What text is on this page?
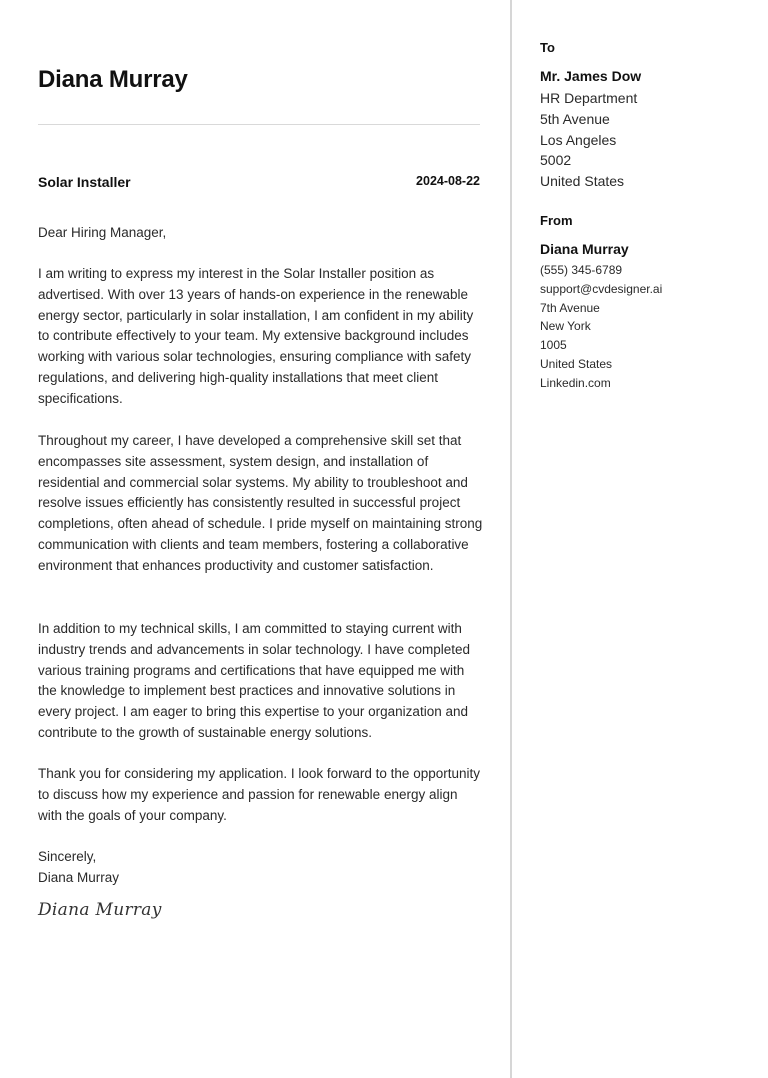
Diana Murray
Solar Installer	2024-08-22

Dear Hiring Manager,

I am writing to express my interest in the Solar Installer position as advertised. With over 13 years of hands-on experience in the renewable energy sector, particularly in solar installation, I am confident in my ability to contribute effectively to your team. My extensive background includes working with various solar technologies, ensuring compliance with safety regulations, and delivering high-quality installations that meet client specifications.

Throughout my career, I have developed a comprehensive skill set that encompasses site assessment, system design, and installation of residential and commercial solar systems. My ability to troubleshoot and resolve issues efficiently has consistently resulted in successful project completions, often ahead of schedule. I pride myself on maintaining strong communication with clients and team members, fostering a collaborative environment that enhances productivity and customer satisfaction.

In addition to my technical skills, I am committed to staying current with industry trends and advancements in solar technology. I have completed various training programs and certifications that have equipped me with the knowledge to implement best practices and innovative solutions in every project. I am eager to bring this expertise to your organization and contribute to the growth of sustainable energy solutions.

Thank you for considering my application. I look forward to the opportunity to discuss how my experience and passion for renewable energy align with the goals of your company.

Sincerely,
Diana Murray
Diana Murray
To
Mr. James Dow
HR Department
5th Avenue
Los Angeles
5002
United States
From
Diana Murray
(555) 345-6789
support@cvdesigner.ai
7th Avenue
New York
1005
United States
Linkedin.com
